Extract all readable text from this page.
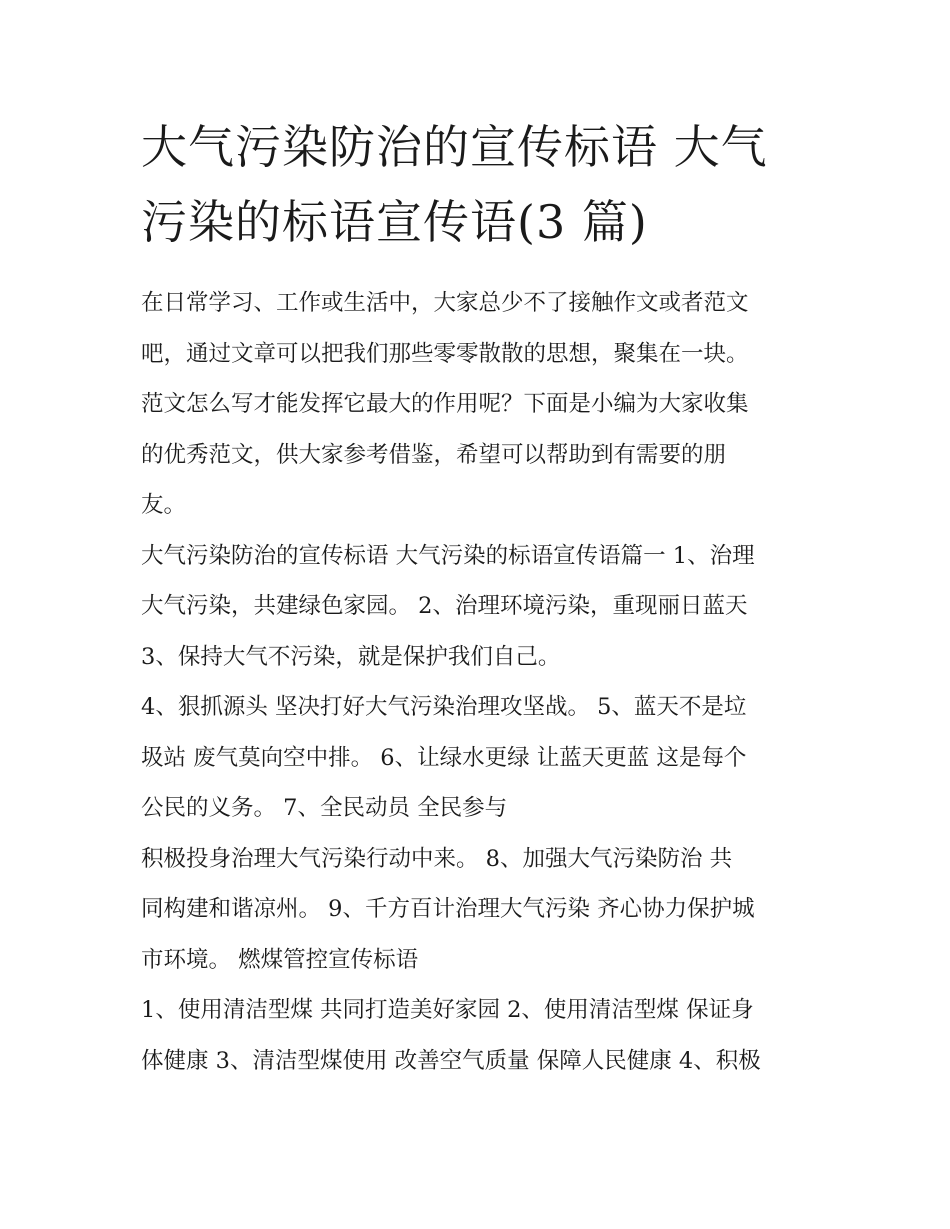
大气污染防治的宣传标语 大气
污染的标语宣传语(3 篇)

在日常学习、工作或生活中，大家总少不了接触作文或者范文
吧，通过文章可以把我们那些零零散散的思想，聚集在一块。
范文怎么写才能发挥它最大的作用呢？下面是小编为大家收集
的优秀范文，供大家参考借鉴，希望可以帮助到有需要的朋
友。

大气污染防治的宣传标语 大气污染的标语宣传语篇一 1、治理
大气污染，共建绿色家园。 2、治理环境污染，重现丽日蓝天
3、保持大气不污染，就是保护我们自己。

4、狠抓源头 坚决打好大气污染治理攻坚战。 5、蓝天不是垃
圾站 废气莫向空中排。 6、让绿水更绿 让蓝天更蓝 这是每个
公民的义务。 7、全民动员 全民参与

积极投身治理大气污染行动中来。 8、加强大气污染防治 共
同构建和谐凉州。 9、千方百计治理大气污染 齐心协力保护城
市环境。 燃煤管控宣传标语

1、使用清洁型煤 共同打造美好家园 2、使用清洁型煤 保证身
体健康 3、清洁型煤使用 改善空气质量 保障人民健康 4、积极
